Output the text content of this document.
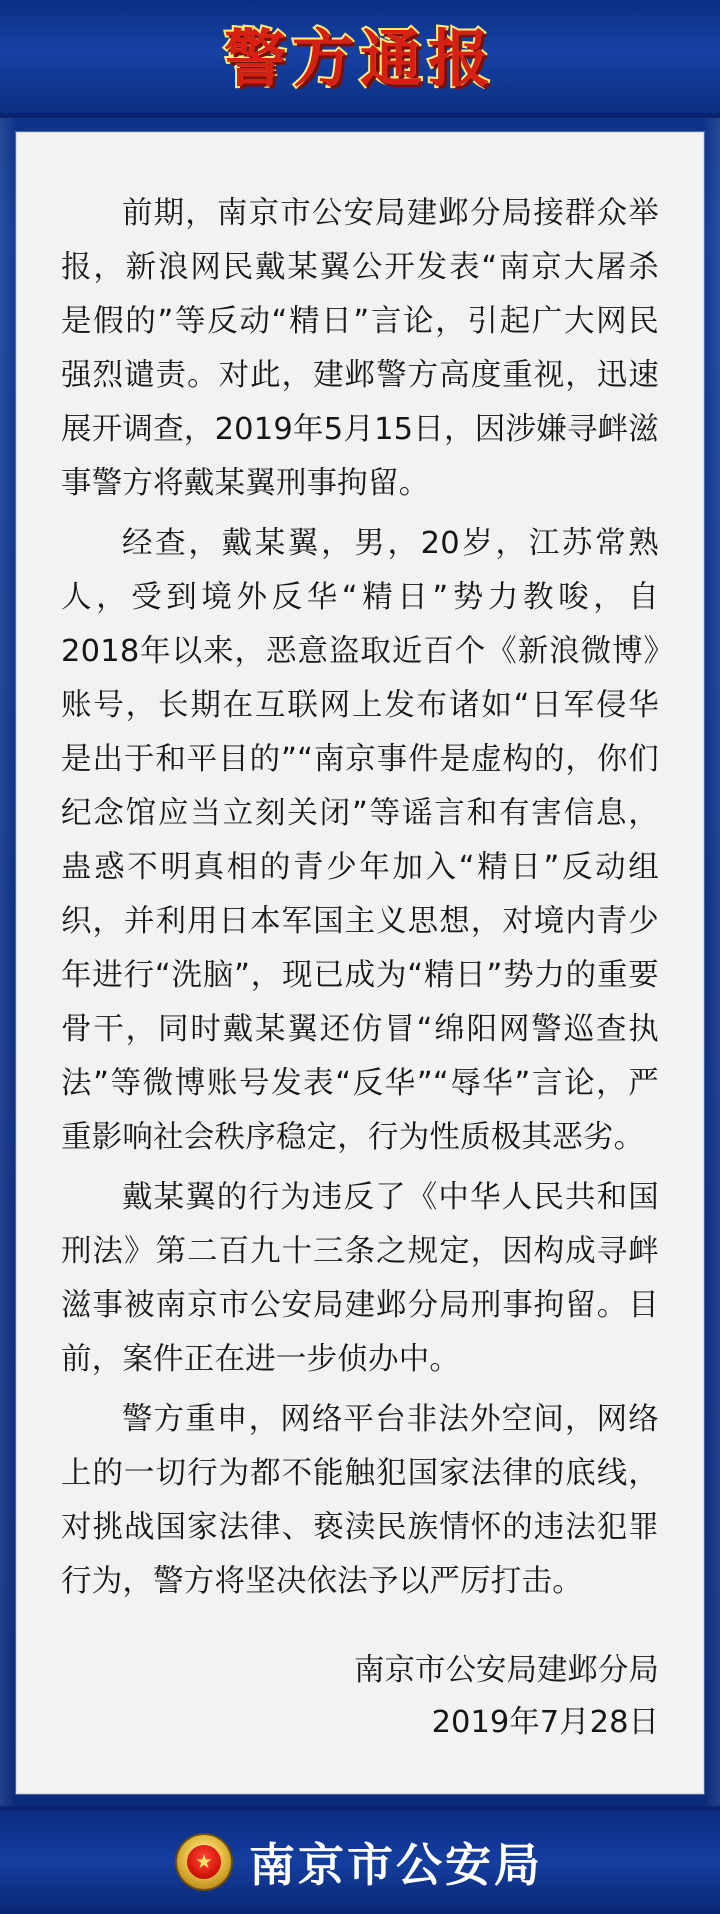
警方通报

前期，南京市公安局建邺分局接群众举报，新浪网民戴某翼公开发表“南京大屠杀是假的”等反动“精日”言论，引起广大网民强烈谴责。对此，建邺警方高度重视，迅速展开调查，2019年5月15日，因涉嫌寻衅滋事警方将戴某翼刑事拘留。

经查，戴某翼，男，20岁，江苏常熟人，受到境外反华“精日”势力教唆，自2018年以来，恶意盗取近百个《新浪微博》账号，长期在互联网上发布诸如“日军侵华是出于和平目的”“南京事件是虚构的，你们纪念馆应当立刻关闭”等谣言和有害信息，蛊惑不明真相的青少年加入“精日”反动组织，并利用日本军国主义思想，对境内青少年进行“洗脑”，现已成为“精日”势力的重要骨干，同时戴某翼还仿冒“绵阳网警巡查执法”等微博账号发表“反华”“辱华”言论，严重影响社会秩序稳定，行为性质极其恶劣。

戴某翼的行为违反了《中华人民共和国刑法》第二百九十三条之规定，因构成寻衅滋事被南京市公安局建邺分局刑事拘留。目前，案件正在进一步侦办中。

警方重申，网络平台非法外空间，网络上的一切行为都不能触犯国家法律的底线，对挑战国家法律、亵渎民族情怀的违法犯罪行为，警方将坚决依法予以严厉打击。

南京市公安局建邺分局
2019年7月28日
★ 南京市公安局
